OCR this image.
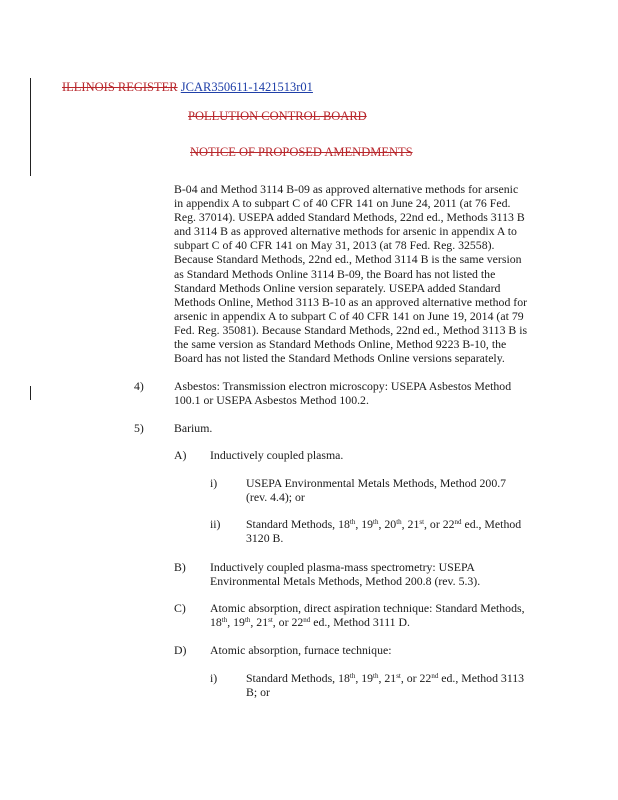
ILLINOIS REGISTER JCAR350611-1421513r01
POLLUTION CONTROL BOARD
NOTICE OF PROPOSED AMENDMENTS
B-04 and Method 3114 B-09 as approved alternative methods for arsenic
in appendix A to subpart C of 40 CFR 141 on June 24, 2011 (at 76 Fed.
Reg. 37014). USEPA added Standard Methods, 22nd ed., Methods 3113 B
and 3114 B as approved alternative methods for arsenic in appendix A to
subpart C of 40 CFR 141 on May 31, 2013 (at 78 Fed. Reg. 32558).
Because Standard Methods, 22nd ed., Method 3114 B is the same version
as Standard Methods Online 3114 B-09, the Board has not listed the
Standard Methods Online version separately. USEPA added Standard
Methods Online, Method 3113 B-10 as an approved alternative method for
arsenic in appendix A to subpart C of 40 CFR 141 on June 19, 2014 (at 79
Fed. Reg. 35081). Because Standard Methods, 22nd ed., Method 3113 B is
the same version as Standard Methods Online, Method 9223 B-10, the
Board has not listed the Standard Methods Online versions separately.
4)	Asbestos: Transmission electron microscopy: USEPA Asbestos Method
100.1 or USEPA Asbestos Method 100.2.
5)	Barium.
A) Inductively coupled plasma.
i) USEPA Environmental Metals Methods, Method 200.7
(rev. 4.4); or
ii) Standard Methods, 18th, 19th, 20th, 21st, or 22nd ed., Method
3120 B.
B) Inductively coupled plasma-mass spectrometry: USEPA
Environmental Metals Methods, Method 200.8 (rev. 5.3).
C) Atomic absorption, direct aspiration technique: Standard Methods,
18th, 19th, 21st, or 22nd ed., Method 3111 D.
D) Atomic absorption, furnace technique:
i) Standard Methods, 18th, 19th, 21st, or 22nd ed., Method 3113
B; or
